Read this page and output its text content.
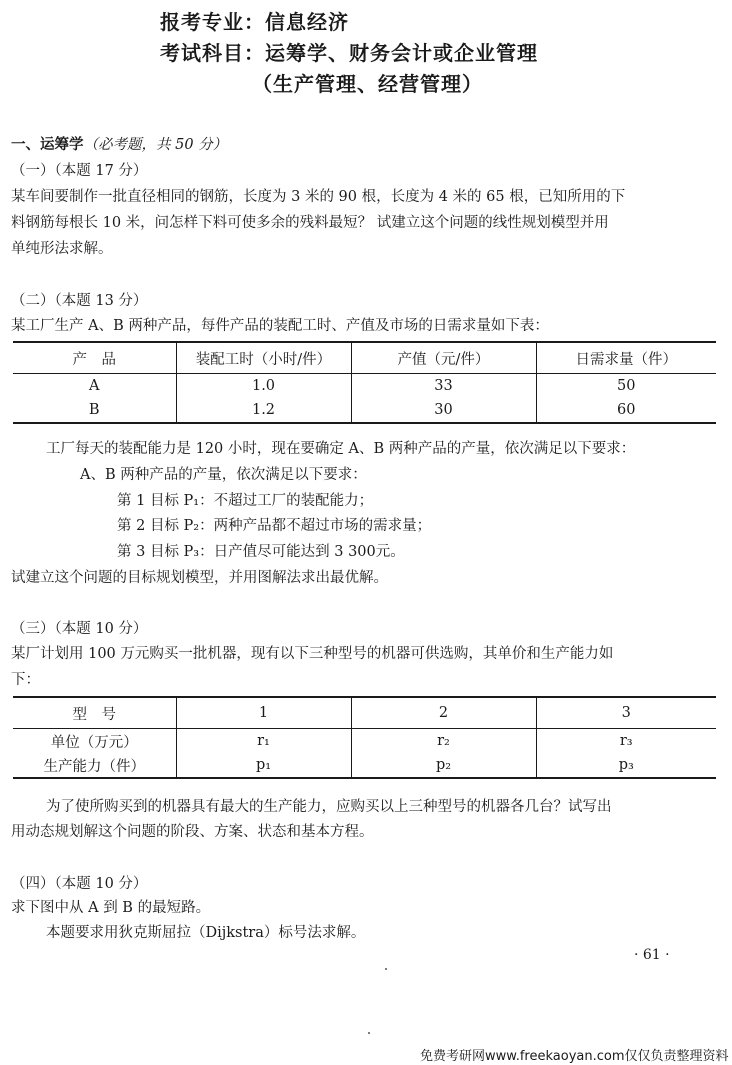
报考专业：信息经济
考试科目：运筹学、财务会计或企业管理
（生产管理、经营管理）
一、运筹学（必考题，共 50 分）
（一）（本题 17 分）
某车间要制作一批直径相同的钢筋，长度为 3 米的 90 根，长度为 4 米的 65 根，已知所用的下
料钢筋每根长 10 米，问怎样下料可使多余的残料最短？ 试建立这个问题的线性规划模型并用
单纯形法求解。
（二）（本题 13 分）
某工厂生产 A、B 两种产品，每件产品的装配工时、产值及市场的日需求量如下表：
产　品	装配工时（小时/件）	产值（元/件）	日需求量（件）
A	1.0	33	50
B	1.2	30	60
工厂每天的装配能力是 120 小时，现在要确定 A、B 两种产品的产量，依次满足以下要求：
A、B 两种产品的产量，依次满足以下要求：
第 1 目标 P₁：不超过工厂的装配能力；
第 2 目标 P₂：两种产品都不超过市场的需求量；
第 3 目标 P₃：日产值尽可能达到 3 300元。
试建立这个问题的目标规划模型，并用图解法求出最优解。
（三）（本题 10 分）
某厂计划用 100 万元购买一批机器，现有以下三种型号的机器可供选购，其单价和生产能力如
下：
型　号	1	2	3
单位（万元）	r₁	r₂	r₃
生产能力（件）	p₁	p₂	p₃
为了使所购买到的机器具有最大的生产能力，应购买以上三种型号的机器各几台？试写出
用动态规划解这个问题的阶段、方案、状态和基本方程。
（四）（本题 10 分）
求下图中从 A 到 B 的最短路。
本题要求用狄克斯屈拉（Dijkstra）标号法求解。
· 61 ·
免费考研网www.freekaoyan.com仅仅负责整理资料
